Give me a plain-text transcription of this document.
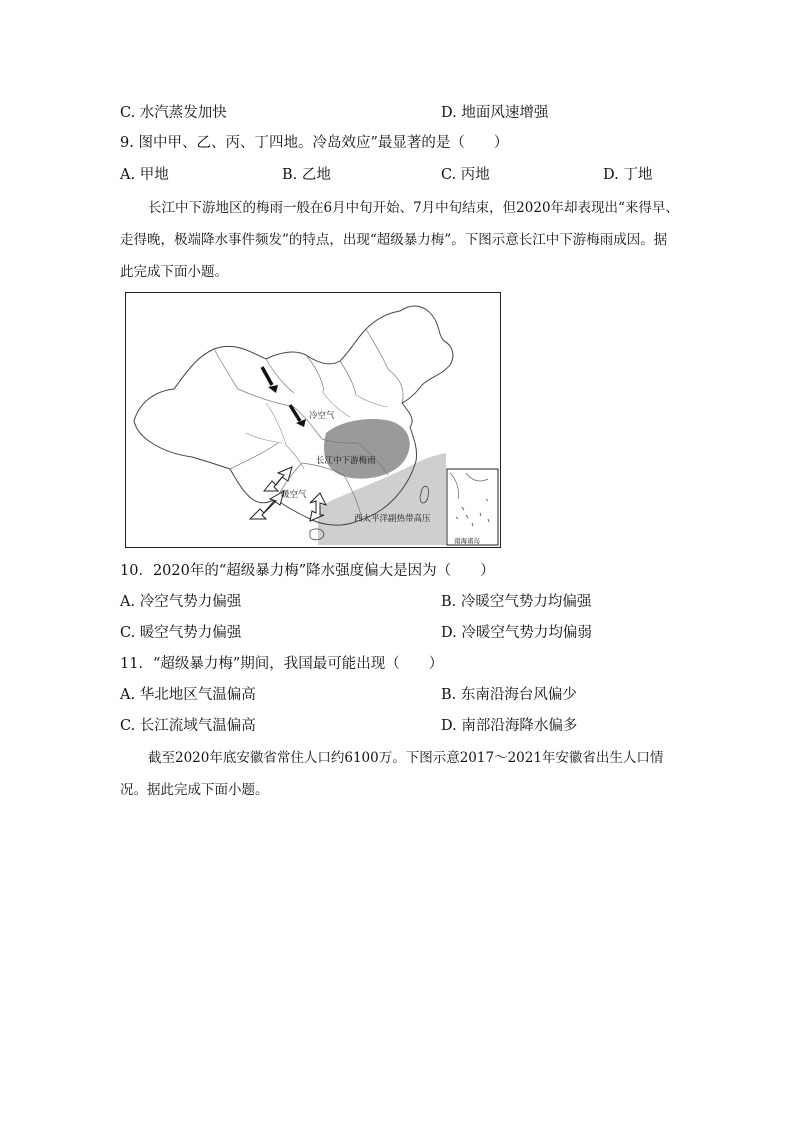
C. 水汽蒸发加快	D. 地面风速增强
9. 图中甲、乙、丙、丁四地。冷岛效应”最显著的是（　　）
A. 甲地	B. 乙地	C. 丙地	D. 丁地
长江中下游地区的梅雨一般在6月中旬开始、7月中旬结束，但2020年却表现出“来得早、走得晚，极端降水事件频发”的特点，出现“超级暴力梅”。下图示意长江中下游梅雨成因。据此完成下面小题。
冷空气
长江中下游梅雨
暖空气
西太平洋副热带高压
南海诸岛
10．2020年的“超级暴力梅”降水强度偏大是因为（　　）
A. 冷空气势力偏强	B. 冷暖空气势力均偏强
C. 暖空气势力偏强	D. 冷暖空气势力均偏弱
11．“超级暴力梅”期间，我国最可能出现（　　）
A. 华北地区气温偏高	B. 东南沿海台风偏少
C. 长江流域气温偏高	D. 南部沿海降水偏多
截至2020年底安徽省常住人口约6100万。下图示意2017～2021年安徽省出生人口情况。据此完成下面小题。
